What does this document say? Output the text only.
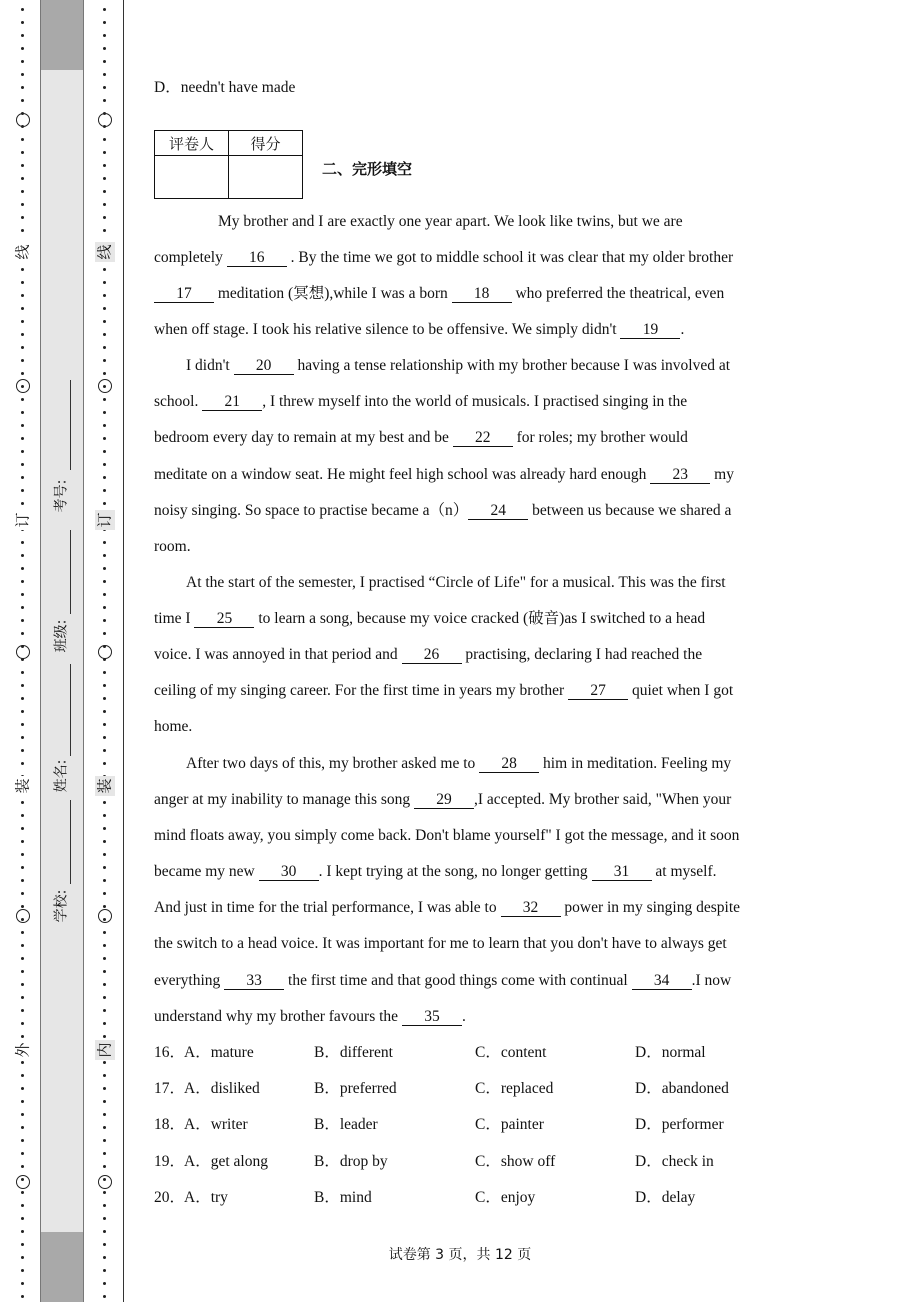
线
订
装
外
线
订
装
内
考号:
班级:
姓名:
学校:
D．needn't have made
评卷人	得分

二、完形填空
My brother and I are exactly one year apart. We look like twins, but we are
completely 16 . By the time we got to middle school it was clear that my older brother
17 meditation (冥想),while I was a born 18 who preferred the theatrical, even
when off stage. I took his relative silence to be offensive. We simply didn't 19 .
I didn't 20 having a tense relationship with my brother because I was involved at
school. 21 , I threw myself into the world of musicals. I practised singing in the
bedroom every day to remain at my best and be 22 for roles; my brother would
meditate on a window seat. He might feel high school was already hard enough 23 my
noisy singing. So space to practise became a（n） 24 between us because we shared a
room.
At the start of the semester, I practised “Circle of Life" for a musical. This was the first
time I 25 to learn a song, because my voice cracked (破音)as I switched to a head
voice. I was annoyed in that period and 26 practising, declaring I had reached the
ceiling of my singing career. For the first time in years my brother 27 quiet when I got
home.
After two days of this, my brother asked me to 28 him in meditation. Feeling my
anger at my inability to manage this song 29 ,I accepted. My brother said, "When your
mind floats away, you simply come back. Don't blame yourself" I got the message, and it soon
became my new 30 . I kept trying at the song, no longer getting 31 at myself.
And just in time for the trial performance, I was able to 32 power in my singing despite
the switch to a head voice. It was important for me to learn that you don't have to always get
everything 33 the first time and that good things come with continual 34 .I now
understand why my brother favours the 35 .
16．
A．mature	B．different	C．content	D．normal
17．
A．disliked	B．preferred	C．replaced	D．abandoned
18．
A．writer	B．leader	C．painter	D．performer
19．
A．get along	B．drop by	C．show off	D．check in
20．
A．try	B．mind	C．enjoy	D．delay
试卷第 3 页，共 12 页
